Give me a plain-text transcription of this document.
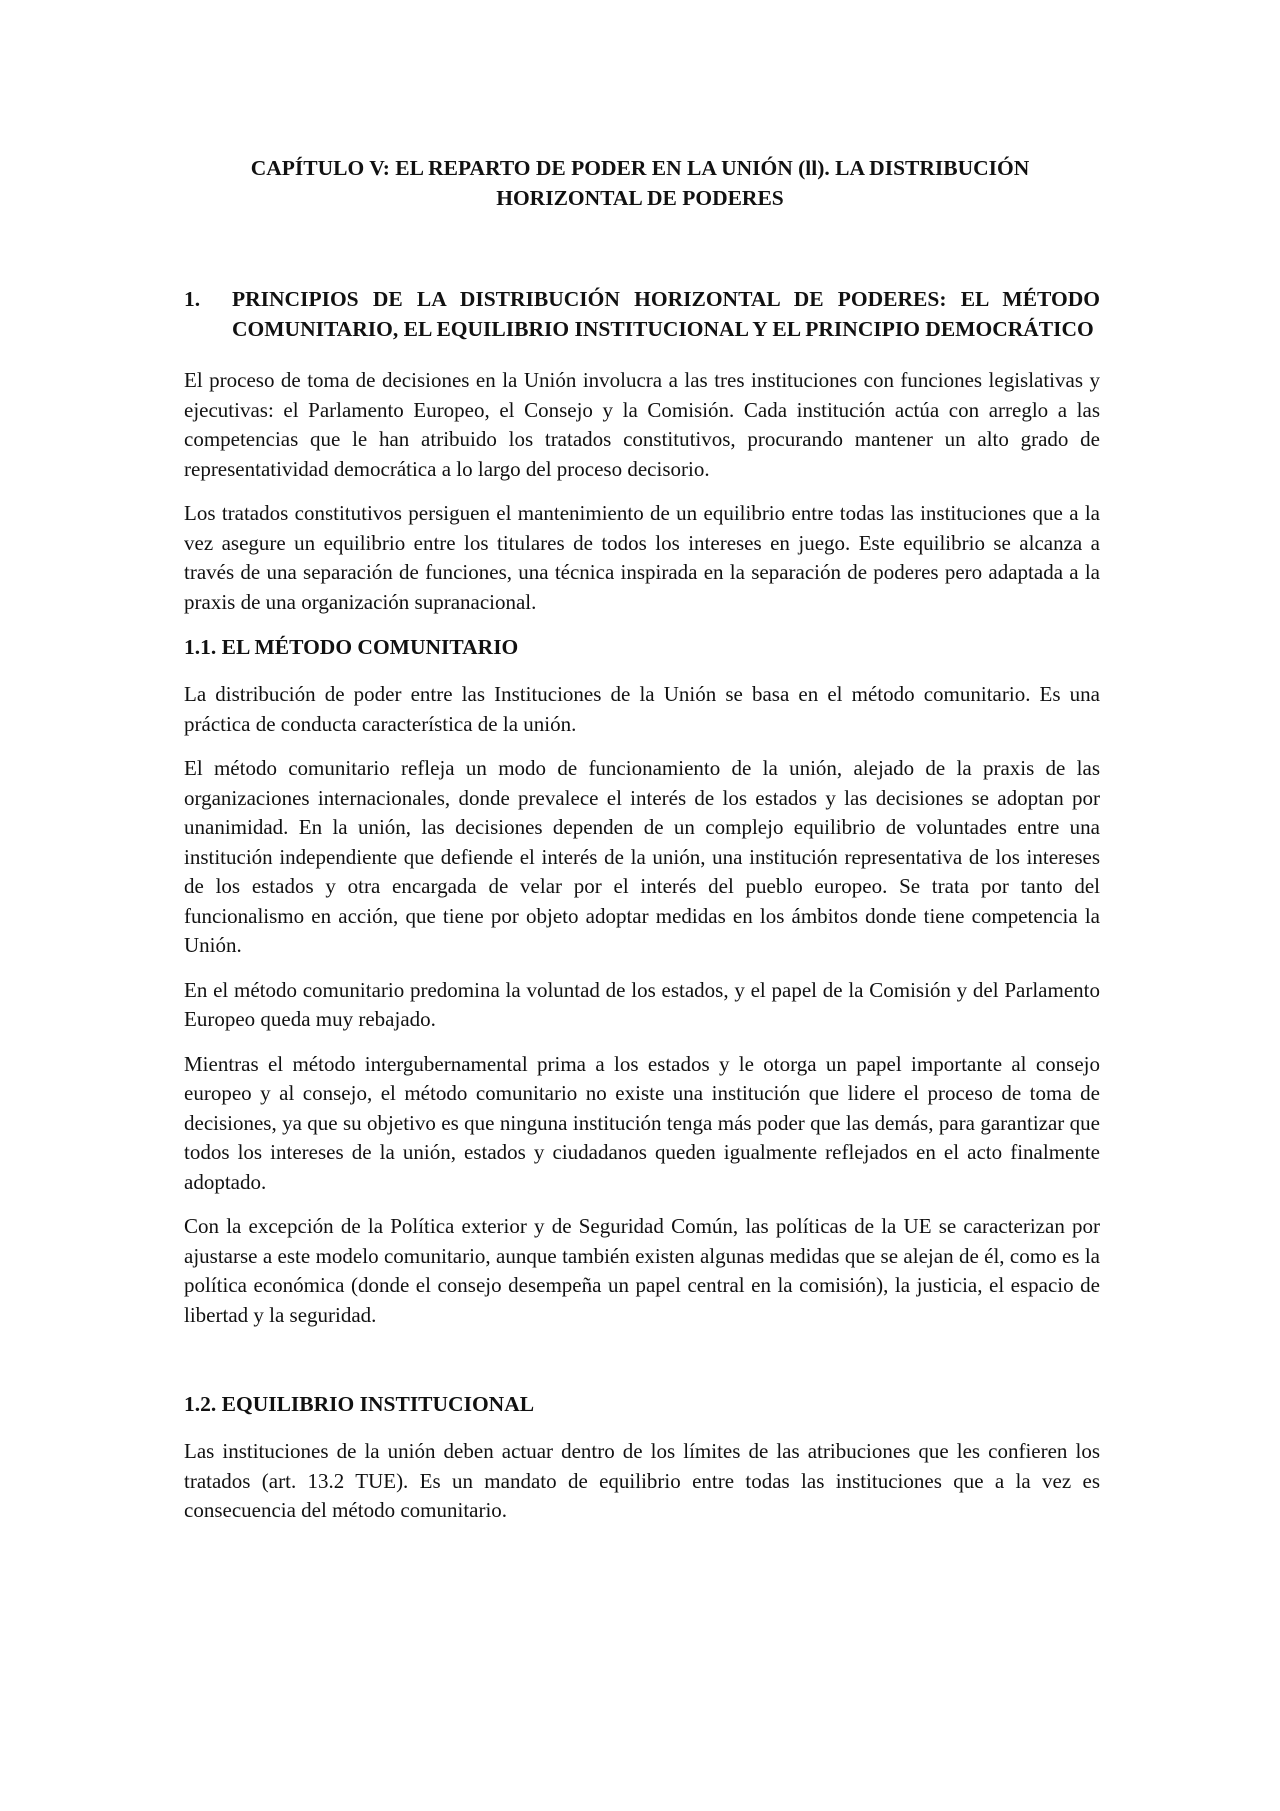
CAPÍTULO V: EL REPARTO DE PODER EN LA UNIÓN (ll). LA DISTRIBUCIÓN
HORIZONTAL DE PODERES
1.	PRINCIPIOS DE LA DISTRIBUCIÓN HORIZONTAL DE PODERES: EL MÉTODO COMUNITARIO, EL EQUILIBRIO INSTITUCIONAL Y EL PRINCIPIO DEMOCRÁTICO

El proceso de toma de decisiones en la Unión involucra a las tres instituciones con funciones legislativas y ejecutivas: el Parlamento Europeo, el Consejo y la Comisión. Cada institución actúa con arreglo a las competencias que le han atribuido los tratados constitutivos, procurando mantener un alto grado de representatividad democrática a lo largo del proceso decisorio.

Los tratados constitutivos persiguen el mantenimiento de un equilibrio entre todas las instituciones que a la vez asegure un equilibrio entre los titulares de todos los intereses en juego. Este equilibrio se alcanza a través de una separación de funciones, una técnica inspirada en la separación de poderes pero adaptada a la praxis de una organización supranacional.

1.1. EL MÉTODO COMUNITARIO

La distribución de poder entre las Instituciones de la Unión se basa en el método comunitario. Es una práctica de conducta característica de la unión.

El método comunitario refleja un modo de funcionamiento de la unión, alejado de la praxis de las organizaciones internacionales, donde prevalece el interés de los estados y las decisiones se adoptan por unanimidad. En la unión, las decisiones dependen de un complejo equilibrio de voluntades entre una institución independiente que defiende el interés de la unión, una institución representativa de los intereses de los estados y otra encargada de velar por el interés del pueblo europeo. Se trata por tanto del funcionalismo en acción, que tiene por objeto adoptar medidas en los ámbitos donde tiene competencia la Unión.

En el método comunitario predomina la voluntad de los estados, y el papel de la Comisión y del Parlamento Europeo queda muy rebajado.

Mientras el método intergubernamental prima a los estados y le otorga un papel importante al consejo europeo y al consejo, el método comunitario no existe una institución que lidere el proceso de toma de decisiones, ya que su objetivo es que ninguna institución tenga más poder que las demás, para garantizar que todos los intereses de la unión, estados y ciudadanos queden igualmente reflejados en el acto finalmente adoptado.

Con la excepción de la Política exterior y de Seguridad Común, las políticas de la UE se caracterizan por ajustarse a este modelo comunitario, aunque también existen algunas medidas que se alejan de él, como es la política económica (donde el consejo desempeña un papel central en la comisión), la justicia, el espacio de libertad y la seguridad.

1.2. EQUILIBRIO INSTITUCIONAL

Las instituciones de la unión deben actuar dentro de los límites de las atribuciones que les confieren los tratados (art. 13.2 TUE). Es un mandato de equilibrio entre todas las instituciones que a la vez es consecuencia del método comunitario.
